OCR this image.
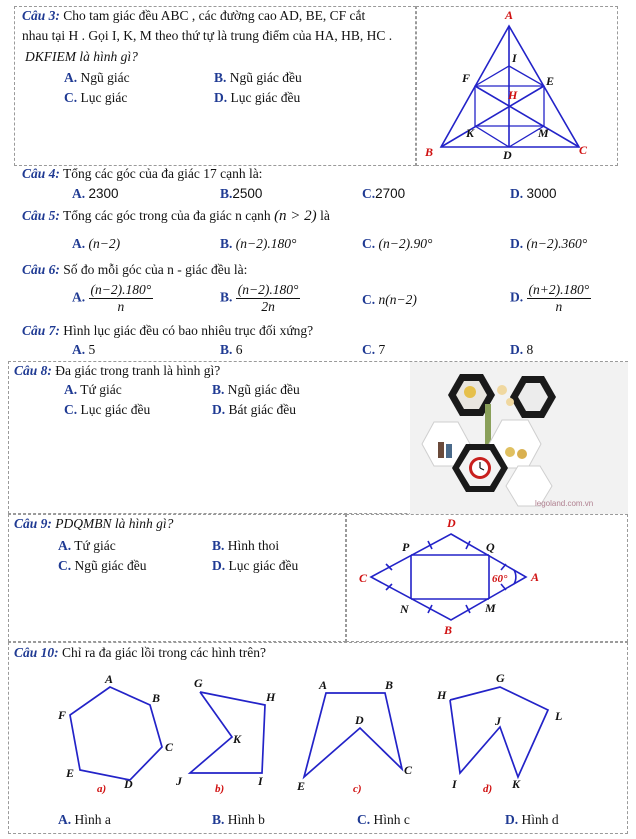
Câu 3: Cho tam giác đều ABC , các đường cao AD, BE, CF cắt
nhau tại H . Gọi I, K, M theo thứ tự là trung điểm của HA, HB, HC .
DKFIEM là hình gì?
A. Ngũ giác	B. Ngũ giác đều
C. Lục giác	D. Lục giác đều
A
I
F	E
H
K	M
B	D	C
Câu 4: Tổng các góc của đa giác 17 cạnh là:
A. 2300	B.2500	C.2700	D. 3000
Câu 5: Tổng các góc trong của đa giác n cạnh (n > 2) là
A. (n−2)	B. (n−2).180°	C. (n−2).90°	D. (n−2).360°
Câu 6: Số đo mỗi góc của n - giác đều là:
A. $\frac{(n-2).180^\circ}{n}$	B. $\frac{(n-2).180^\circ}{2n}$	C. n(n−2)	D. $\frac{(n+2).180^\circ}{n}$
Câu 7: Hình lục giác đều có bao nhiêu trục đối xứng?
A. 5	B. 6	C. 7	D. 8
Câu 8: Đa giác trong tranh là hình gì?
A. Tứ giác	B. Ngũ giác đều
C. Lục giác đều	D. Bát giác đều
legoland.com.vn
Câu 9: PDQMBN là hình gì?
A. Tứ giác	B. Hình thoi
C. Ngũ giác đều	D. Lục giác đều
D
P	Q
C	60° A
N	M
B
Câu 10: Chỉ ra đa giác lồi trong các hình trên?
A
B
F
C
E
D
a)
G
H
K
J	I
b)
A	B
D
C
E	c)
H
G
L
J
I	K
d)
A. Hình a	B. Hình b	C. Hình c	D. Hình d
